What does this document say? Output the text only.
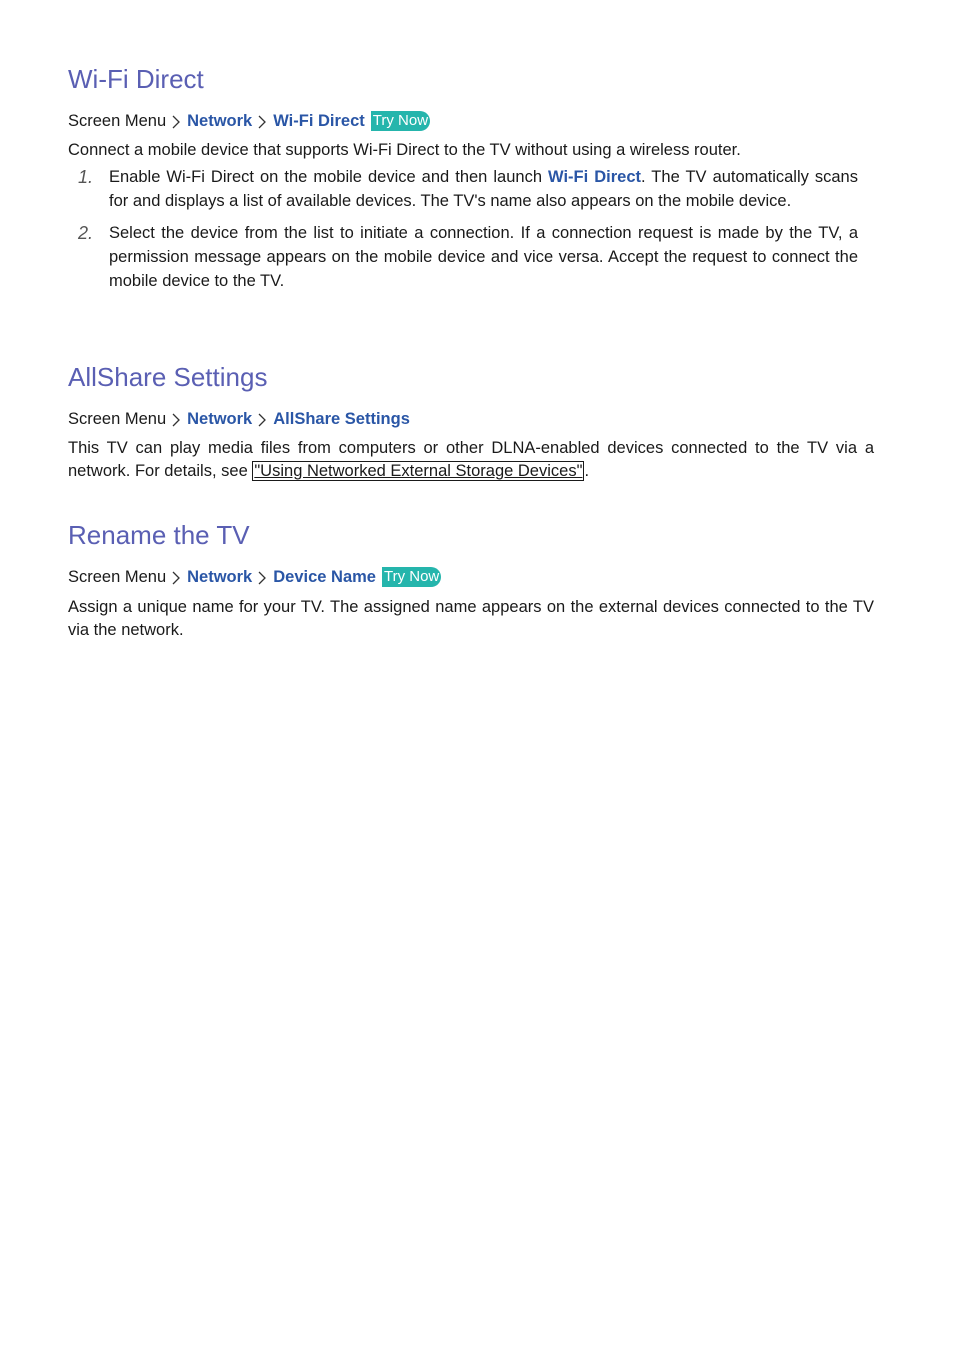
Wi-Fi Direct
Screen Menu Network Wi-Fi Direct Try Now

Connect a mobile device that supports Wi-Fi Direct to the TV without using a wireless router.

1. Enable Wi-Fi Direct on the mobile device and then launch Wi-Fi Direct. The TV automatically scans for and displays a list of available devices. The TV's name also appears on the mobile device.
2. Select the device from the list to initiate a connection. If a connection request is made by the TV, a permission message appears on the mobile device and vice versa. Accept the request to connect the mobile device to the TV.
AllShare Settings
Screen Menu Network AllShare Settings

This TV can play media files from computers or other DLNA-enabled devices connected to the TV via a network. For details, see "Using Networked External Storage Devices" .

Rename the TV
Screen Menu Network Device Name Try Now

Assign a unique name for your TV. The assigned name appears on the external devices connected to the TV via the network.
